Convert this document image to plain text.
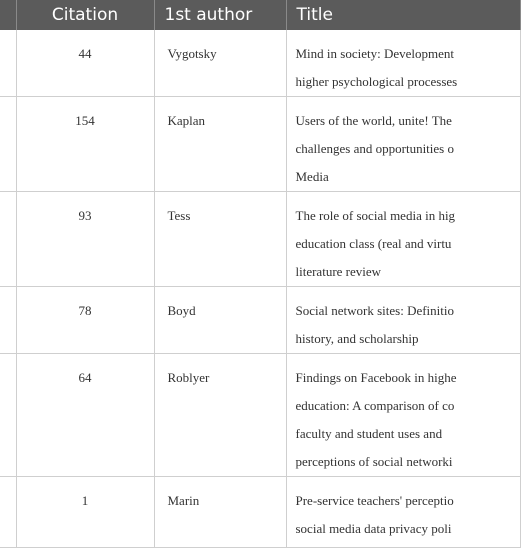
	Citation	1st author	Title
	44	Vygotsky	Mind in society: Development
higher psychological processes

	154	Kaplan	Users of the world, unite! The
challenges and opportunities o
Media

	93	Tess	The role of social media in hig
education class (real and virtu
literature review

	78	Boyd	Social network sites: Definitio
history, and scholarship

	64	Roblyer	Findings on Facebook in highe
education: A comparison of co
faculty and student uses and
perceptions of social networki

	1	Marin	Pre-service teachers' perceptio
social media data privacy poli
